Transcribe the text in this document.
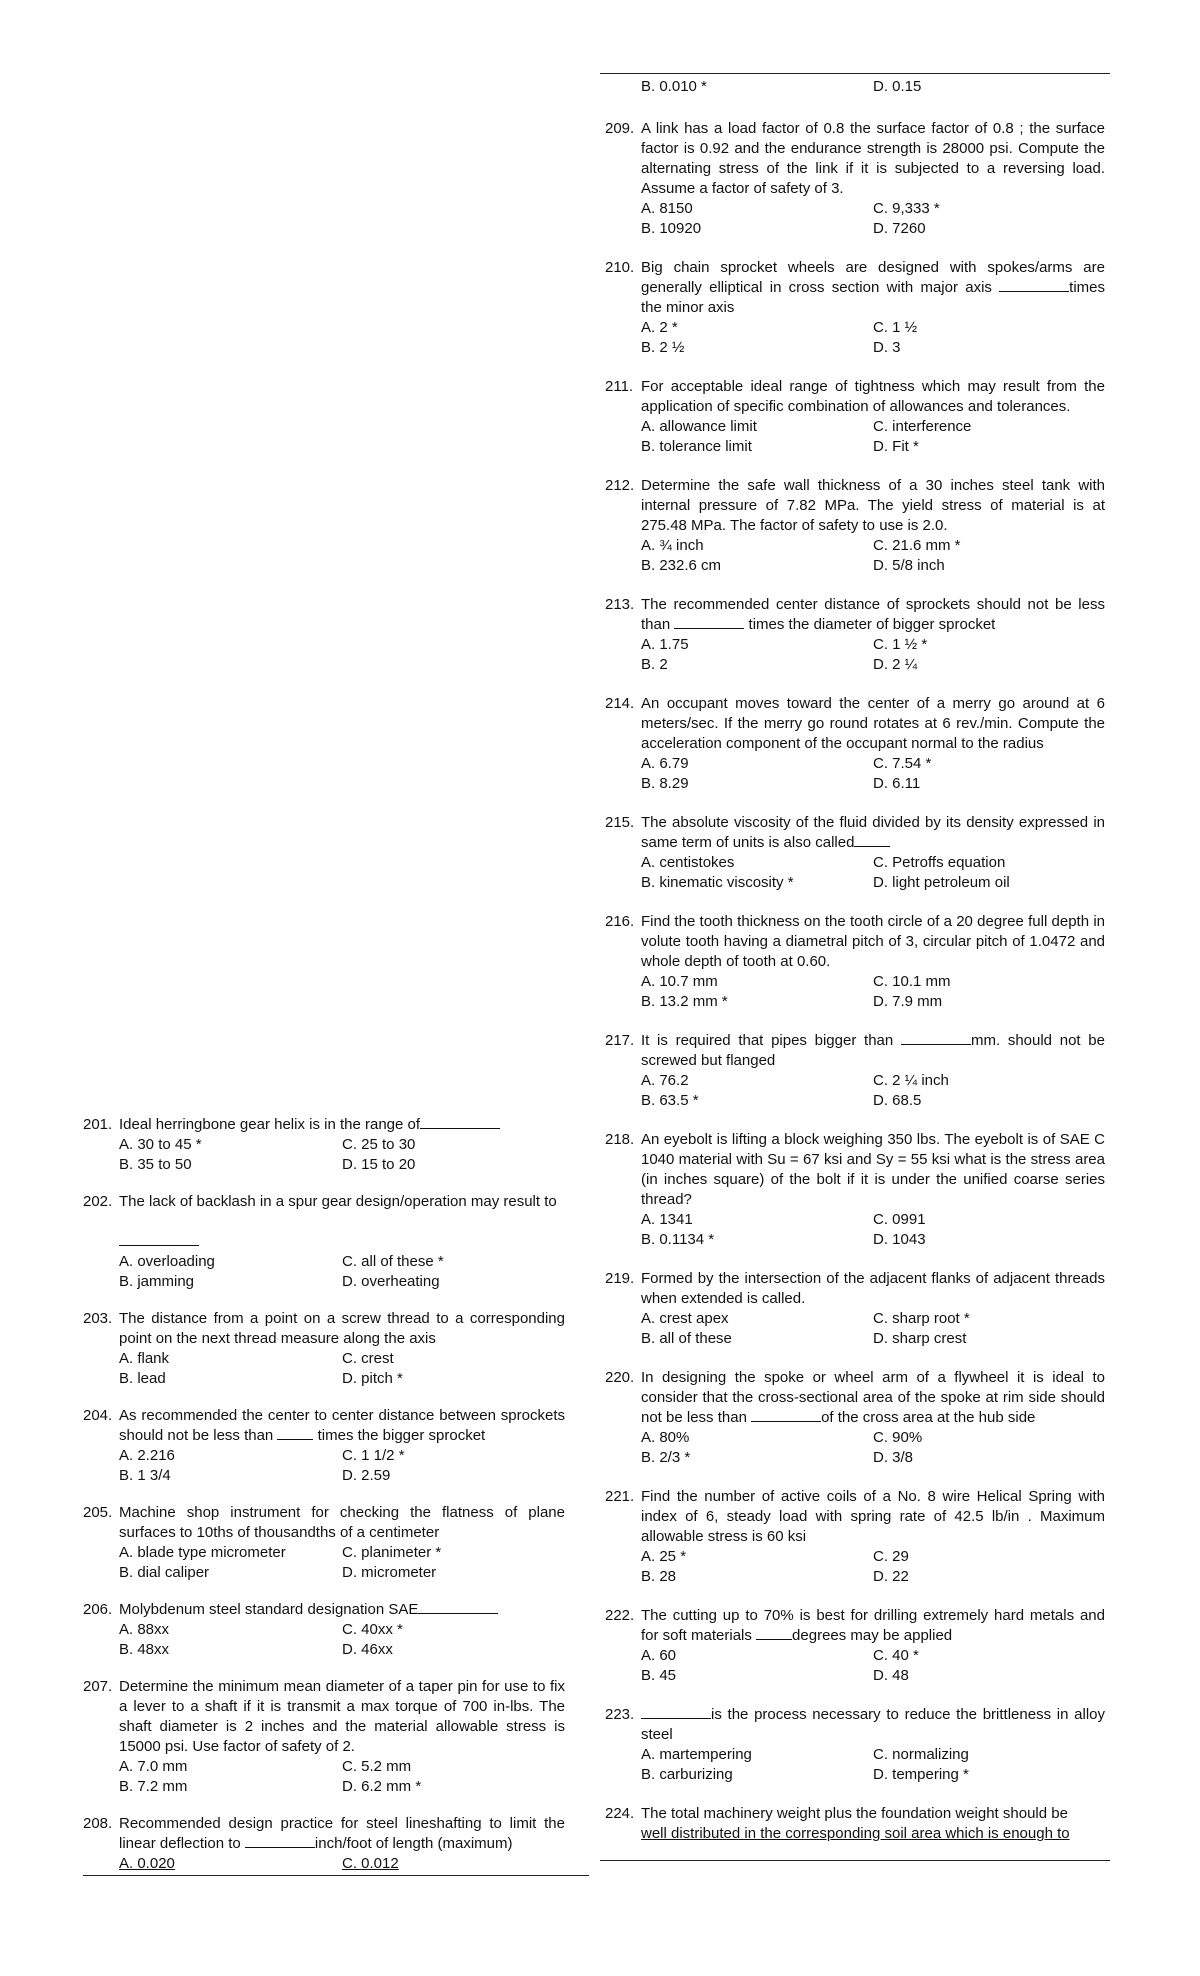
B. 0.010 *	D. 0.15
209. A link has a load factor of 0.8 the surface factor of 0.8 ; the surface factor is 0.92 and the endurance strength is 28000 psi. Compute the alternating stress of the link if it is subjected to a reversing load. Assume a factor of safety of 3.
A. 8150	C. 9,333 *
B. 10920	D. 7260
210. Big chain sprocket wheels are designed with spokes/arms are generally elliptical in cross section with major axis	times the minor axis
A. 2 *	C. 1 ½
B. 2 ½	D. 3
211. For acceptable ideal range of tightness which may result from the application of specific combination of allowances and tolerances.
A. allowance limit	C. interference
B. tolerance limit	D. Fit *
212. Determine the safe wall thickness of a 30 inches steel tank with internal pressure of 7.82 MPa. The yield stress of material is at 275.48 MPa. The factor of safety to use is 2.0.
A. ¾ inch	C. 21.6 mm *
B. 232.6 cm	D. 5/8 inch
213. The recommended center distance of sprockets should not be less than	times the diameter of bigger sprocket
A. 1.75	C. 1 ½ *
B. 2	D. 2 ¼
214. An occupant moves toward the center of a merry go around at 6 meters/sec. If the merry go round rotates at 6 rev./min. Compute the acceleration component of the occupant normal to the radius
A. 6.79	C. 7.54 *
B. 8.29	D. 6.11
215. The absolute viscosity of the fluid divided by its density expressed in same term of units is also called
A. centistokes	C. Petroffs equation
B. kinematic viscosity *	D. light petroleum oil
216. Find the tooth thickness on the tooth circle of a 20 degree full depth in volute tooth having a diametral pitch of 3, circular pitch of 1.0472 and whole depth of tooth at 0.60.
A. 10.7 mm	C. 10.1 mm
B. 13.2 mm *	D. 7.9 mm
217. It is required that pipes bigger than	mm. should not be screwed but flanged
A. 76.2	C. 2 ¼ inch
B. 63.5 *	D. 68.5
218. An eyebolt is lifting a block weighing 350 lbs. The eyebolt is of SAE C 1040 material with Su = 67 ksi and Sy = 55 ksi what is the stress area (in inches square) of the bolt if it is under the unified coarse series thread?
A. 1341	C. 0991
B. 0.1134 *	D. 1043
219. Formed by the intersection of the adjacent flanks of adjacent threads when extended is called.
A. crest apex	C. sharp root *
B. all of these	D. sharp crest
220. In designing the spoke or wheel arm of a flywheel it is ideal to consider that the cross-sectional area of the spoke at rim side should not be less than	of the cross area at the hub side
A. 80%	C. 90%
B. 2/3 *	D. 3/8
221. Find the number of active coils of a No. 8 wire Helical Spring with index of 6, steady load with spring rate of 42.5 lb/in . Maximum allowable stress is 60 ksi
A. 25 *	C. 29
B. 28	D. 22
222. The cutting up to 70% is best for drilling extremely hard metals and for soft materials degrees may be applied
A. 60	C. 40 *
B. 45	D. 48
223.	is the process necessary to reduce the brittleness in alloy steel
A. martempering	C. normalizing
B. carburizing	D. tempering *
224. The total machinery weight plus the foundation weight should be
well distributed in the corresponding soil area which is enough to
201. Ideal herringbone gear helix is in the range of
A. 30 to 45 *	C. 25 to 30
B. 35 to 50	D. 15 to 20
202. The lack of backlash in a spur gear design/operation may result to

A. overloading	C. all of these *
B. jamming	D. overheating
203. The distance from a point on a screw thread to a corresponding point on the next thread measure along the axis
A. flank	C. crest
B. lead	D. pitch *
204. As recommended the center to center distance between sprockets should not be less than  times the bigger sprocket
A. 2.216	C. 1 1/2 *
B. 1 3/4	D. 2.59
205. Machine shop instrument for checking the flatness of plane surfaces to 10ths of thousandths of a centimeter
A. blade type micrometer	C. planimeter *
B. dial caliper	D. micrometer
206. Molybdenum steel standard designation SAE
A. 88xx	C. 40xx *
B. 48xx	D. 46xx
207. Determine the minimum mean diameter of a taper pin for use to fix a lever to a shaft if it is transmit a max torque of 700 in-lbs. The shaft diameter is 2 inches and the material allowable stress is 15000 psi. Use factor of safety of 2.
A. 7.0 mm	C. 5.2 mm
B. 7.2 mm	D. 6.2 mm *
208. Recommended design practice for steel lineshafting to limit the linear deflection to	inch/foot of length (maximum)
A. 0.020	C. 0.012
